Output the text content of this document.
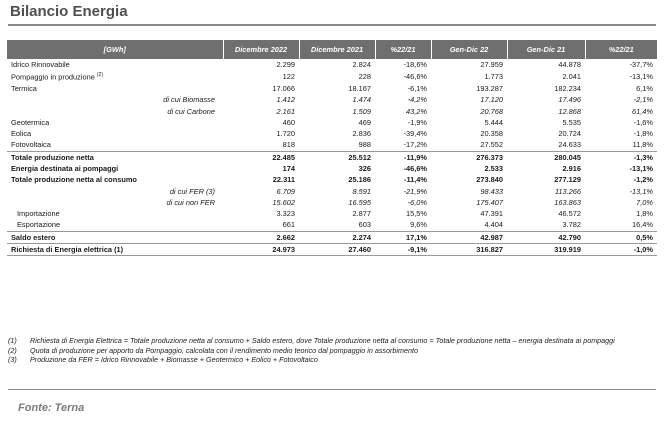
Bilancio Energia
[GWh]	Dicembre 2022	Dicembre 2021	%22/21	Gen-Dic 22	Gen-Dic 21	%22/21
Idrico Rinnovabile	2.299	2.824	-18,6%	27.959	44.878	-37,7%
Pompaggio in produzione $^{(2)}$	122	228	-46,6%	1.773	2.041	-13,1%
Termica	17.066	18.167	-6,1%	193.287	182.234	6,1%
di cui Biomasse	1.412	1.474	-4,2%	17.120	17.496	-2,1%
di cui Carbone	2.161	1.509	43,2%	20.768	12.868	61,4%
Geotermica	460	469	-1,9%	5.444	5.535	-1,6%
Eolica	1.720	2.836	-39,4%	20.358	20.724	-1,8%
Fotovoltaica	818	988	-17,2%	27.552	24.633	11,8%
Totale produzione netta	22.485	25.512	-11,9%	276.373	280.045	-1,3%
Energia destinata ai pompaggi	174	326	-46,6%	2.533	2.916	-13,1%
Totale produzione netta al consumo	22.311	25.186	-11,4%	273.840	277.129	-1,2%
di cui FER (3)	6.709	8.591	-21,9%	98.433	113.266	-13,1%
di cui non FER	15.602	16.595	-6,0%	175.407	163.863	7,0%
Importazione	3.323	2.877	15,5%	47.391	46.572	1,8%
Esportazione	661	603	9,6%	4.404	3.782	16,4%
Saldo estero	2.662	2.274	17,1%	42.987	42.790	0,5%
Richiesta di Energia elettrica (1)	24.973	27.460	-9,1%	316.827	319.919	-1,0%
(1)	Richiesta di Energia Elettrica = Totale produzione netta al consumo + Saldo estero, dove Totale produzione netta al consumo = Totale produzione netta – energia destinata ai pompaggi
(2)	Quota di produzione per apporto da Pompaggio, calcolata con il rendimento medio teorico dal pompaggio in assorbimento
(3)	Produzione da FER = Idrico Rinnovabile + Biomasse + Geotermico + Eolico + Fotovoltaico
Fonte: Terna
